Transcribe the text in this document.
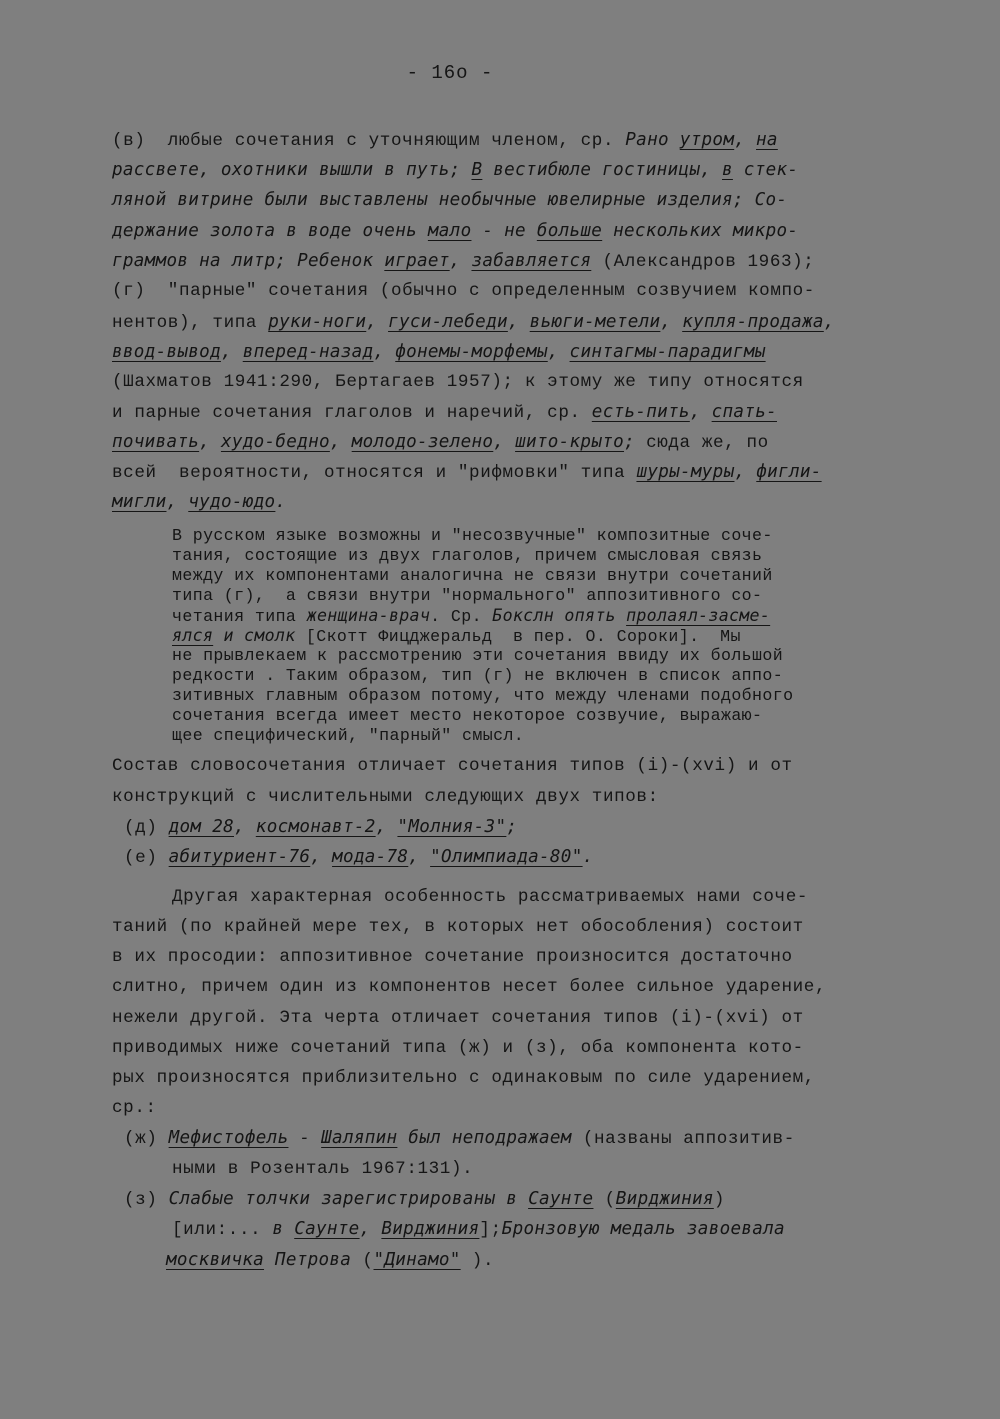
- 16o -
(в)  любые сочетания с уточняющим членом, ср. Рано утром, на
рассвете, охотники вышли в путь; В вестибюле гостиницы, в стек-
ляной витрине были выставлены необычные ювелирные изделия; Со-
держание золота в воде очень мало - не больше нескольких микро-
граммов на литр; Ребенок играет, забавляется (Александров 1963);
(г)  "парные" сочетания (обычно с определенным созвучием компо-
нентов), типа руки-ноги, гуси-лебеди, вьюги-метели, купля-продажа,
ввод-вывод, вперед-назад, фонемы-морфемы, синтагмы-парадигмы
(Шахматов 1941:290, Бертагаев 1957); к этому же типу относятся
и парные сочетания глаголов и наречий, ср. есть-пить, спать-
почивать, худо-бедно, молодо-зелено, шито-крыто; сюда же, по
всей  вероятности, относятся и "рифмовки" типа шуры-муры, фигли-
мигли, чудо-юдо.
В русском языке возможны и "несозвучные" композитные соче-
тания, состоящие из двух глаголов, причем смысловая связь
между их компонентами аналогична не связи внутри сочетаний
типа (г),  а связи внутри "нормального" аппозитивного со-
четания типа женщина-врач. Ср. Бокслн опять пролаял-засме-
ялся и смолк [Скотт Фицджеральд  в пер. О. Сороки].  Мы
не прывлекаем к рассмотрению эти сочетания ввиду их большой
редкости . Таким образом, тип (г) не включен в список аппо-
зитивных главным образом потому, что между членами подобного
сочетания всегда имеет место некоторое созвучие, выражаю-
щее специфический, "парный" смысл.
Состав словосочетания отличает сочетания типов (i)-(xvi) и от
конструкций с числительными следующих двух типов:
(д) дом 28, космонавт-2, "Молния-3";
(е) абитуриент-76, мода-78, "Олимпиада-80".
Другая характерная особенность рассматриваемых нами соче-
таний (по крайней мере тех, в которых нет обособления) состоит
в их просодии: аппозитивное сочетание произносится достаточно
слитно, причем один из компонентов несет более сильное ударение,
нежели другой. Эта черта отличает сочетания типов (i)-(xvi) от
приводимых ниже сочетаний типа (ж) и (з), оба компонента кото-
рых произносятся приблизительно с одинаковым по силе ударением,
ср.:
(ж) Мефистофель - Шаляпин был неподражаем (названы аппозитив-
ными в Розенталь 1967:131).
(з) Слабые толчки зарегистрированы в Саунте (Вирджиния)
[или:... в Саунте, Вирджиния];Бронзовую медаль завоевала
москвичка Петрова ("Динамо" ).
